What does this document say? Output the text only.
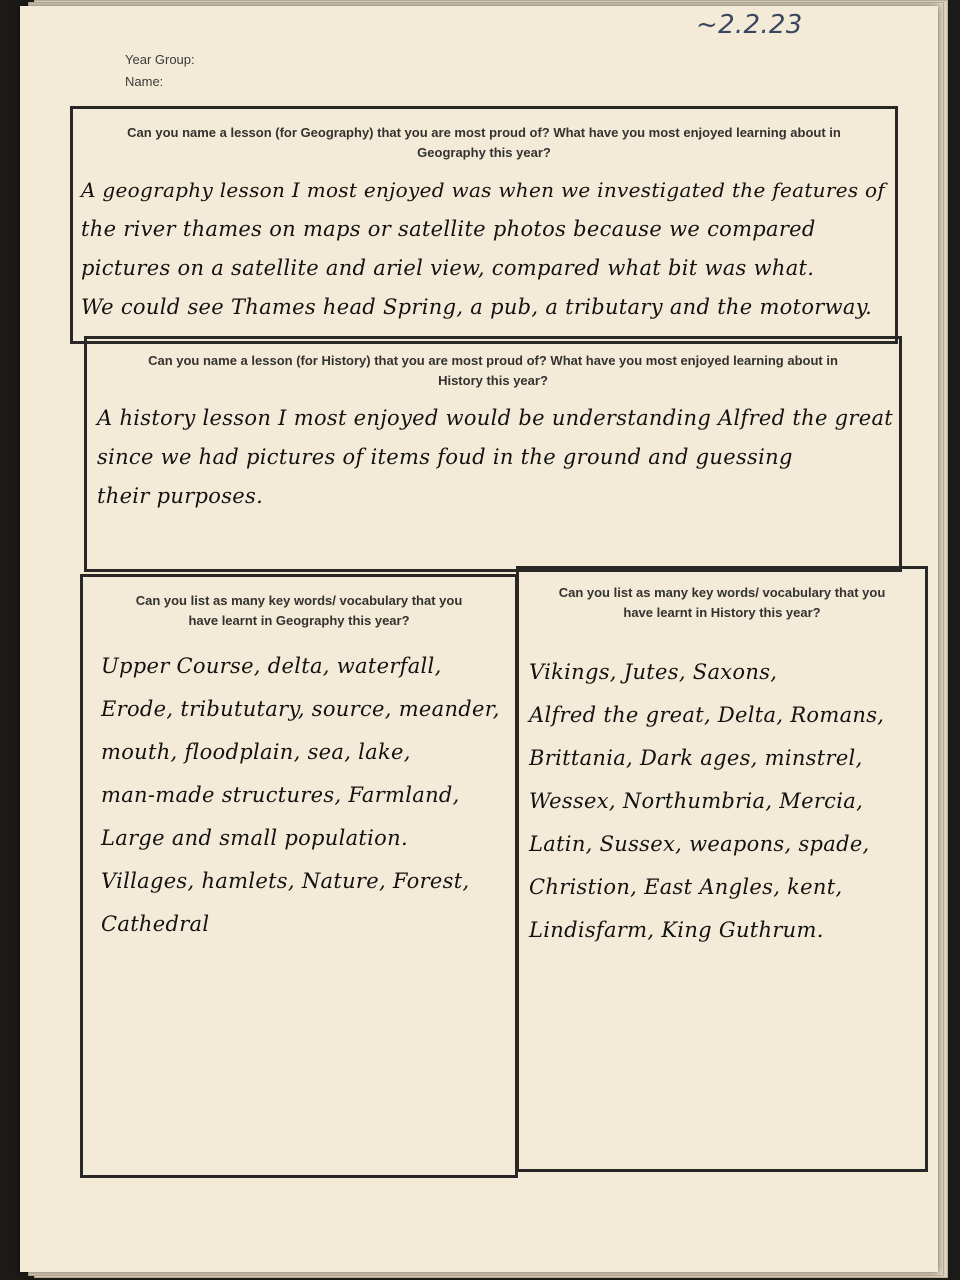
~2.2.23
Year Group:
Name:
Can you name a lesson (for Geography) that you are most proud of? What have you most enjoyed learning about in
Geography this year?
A geography lesson I most enjoyed was when we investigated the features of
the river thames on maps or satellite photos because we compared
pictures on a satellite and ariel view, compared what bit was what.
We could see Thames head Spring, a pub, a tributary and the motorway.
Can you name a lesson (for History) that you are most proud of? What have you most enjoyed learning about in
History this year?
A history lesson I most enjoyed would be understanding Alfred the great
since we had pictures of items foud in the ground and guessing
their purposes.
Can you list as many key words/ vocabulary that you
have learnt in Geography this year?
Upper Course, delta, waterfall,
Erode, tribututary, source, meander,
mouth, floodplain, sea, lake,
man-made structures, Farmland,
Large and small population.
Villages, hamlets, Nature, Forest,
Cathedral
Can you list as many key words/ vocabulary that you
have learnt in History this year?
Vikings, Jutes, Saxons,
Alfred the great, Delta, Romans,
Brittania, Dark ages, minstrel,
Wessex, Northumbria, Mercia,
Latin, Sussex, weapons, spade,
Christion, East Angles, kent,
Lindisfarm, King Guthrum.
